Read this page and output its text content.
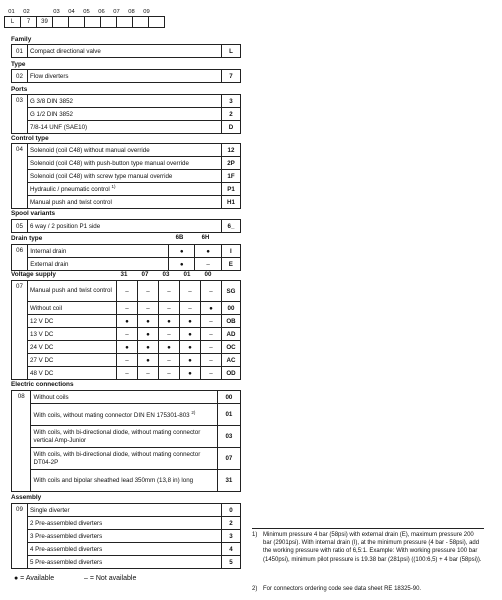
01	02		03	04	05	06	07	08	09
L	7	39							
Family
01	Compact directional valve	L
Type
02	Flow diverters	7
Ports
03	G 3/8 DIN 3852	3
	G 1/2 DIN 3852	2
	7/8-14 UNF (SAE10)	D
Control type
04	Solenoid (coil C48) without manual override	12
	Solenoid (coil C48) with push-button type manual override	2P
	Solenoid (coil C48) with screw type manual override	1F
	Hydraulic / pneumatic control $^{1)}$	P1
	Manual push and twist control	H1
Spool variants
05	6 way / 2 position P1 side	6_
Drain type	6B	6H
06	Internal drain	●	●	I
	External drain	●	–	E
Voltage supply	31	07	03	01	00
07	Manual push and twist control	–	–	–	–	–	SG
	Without coil	–	–	–	–	●	00
	12 V DC	●	●	●	●	–	OB
	13 V DC	–	●	–	●	–	AD
	24 V DC	●	●	●	●	–	OC
	27 V DC	–	●	–	●	–	AC
	48 V DC	–	–	–	●	–	OD
Electric connections
08	Without coils	00
	With coils, without mating connector DIN EN 175301-803 $^{2)}$	01
	With coils, with bi-directional diode, without mating connector vertical Amp-Junior	03
	With coils, with bi-directional diode, without mating connector DT04-2P	07
	With coils and bipolar sheathed lead 350mm (13,8 in) long	31
Assembly
09	Single diverter	0
	2 Pre-assembled diverters	2
	3 Pre-assembled diverters	3
	4 Pre-assembled diverters	4
	5 Pre-assembled diverters	5
● = Available	– = Not available
1) Minimum pressure 4 bar (58psi) with external drain (E), maximum pressure 200 bar (2901psi). With internal drain (I), at the minimum pressure (4 bar - 58psi), add the working pressure with ratio of 6,5:1. Example: With working pressure 100 bar (1450psi), minimum pilot pressure is 19.38 bar (281psi) ((100:6,5) + 4 bar (58psi)).
2) For connectors ordering code see data sheet RE 18325-90.
